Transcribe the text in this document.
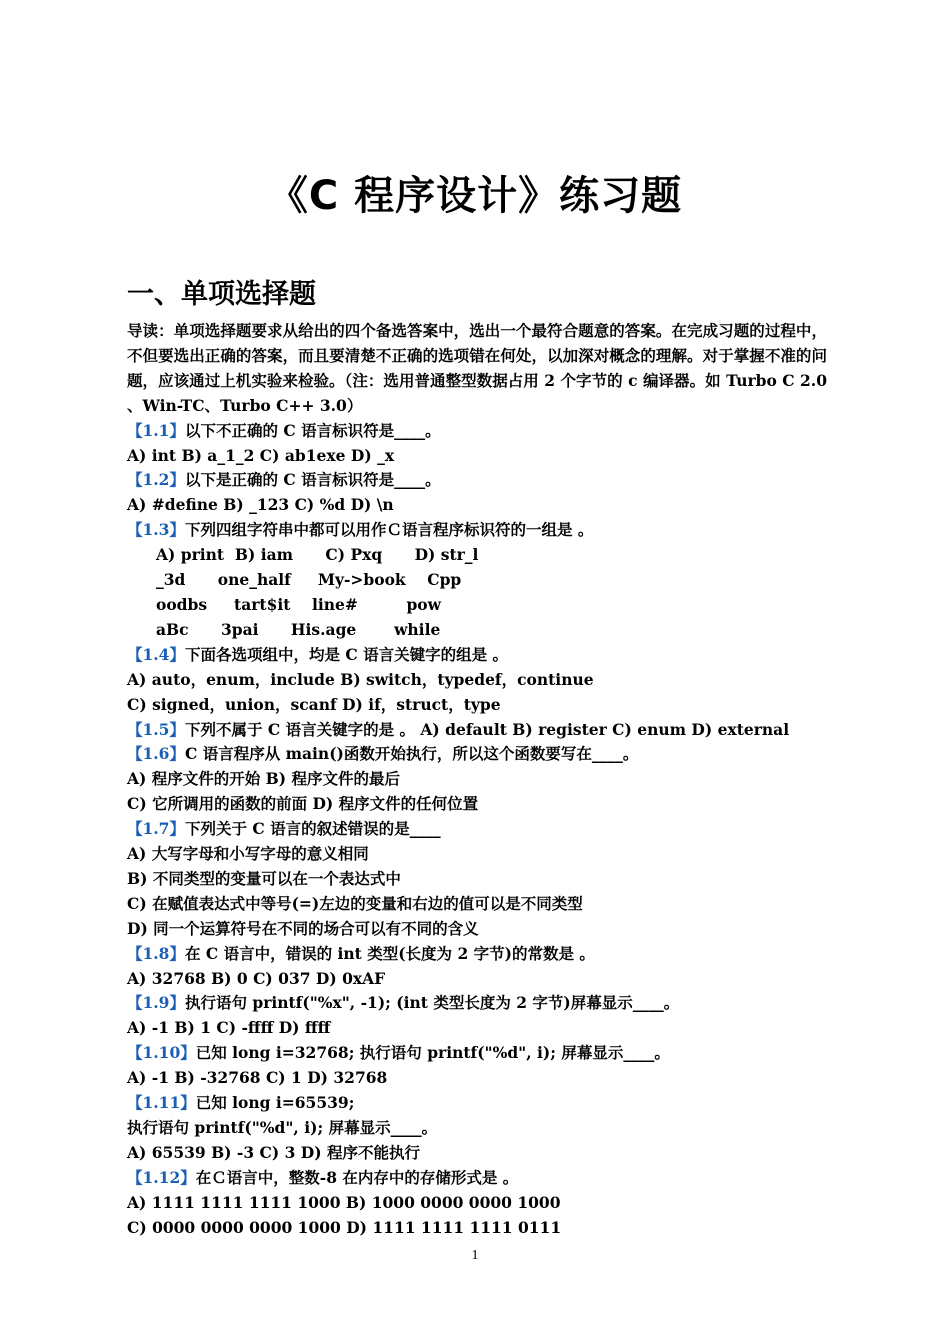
《C 程序设计》练习题
一、单项选择题

导读：单项选择题要求从给出的四个备选答案中，选出一个最符合题意的答案。在完成习题的过程中，不但要选出正确的答案，而且要清楚不正确的选项错在何处，以加深对概念的理解。对于掌握不准的问题，应该通过上机实验来检验。（注：选用普通整型数据占用 2 个字节的 c 编译器。如 Turbo C 2.0 、Win-TC、Turbo C++ 3.0）

【1.1】以下不正确的 C 语言标识符是____。

A) int B) a_1_2 C) ab1exe D) _x

【1.2】以下是正确的 C 语言标识符是____。

A) #define B) _123 C) %d D) \n

【1.3】下列四组字符串中都可以用作Ｃ语言程序标识符的一组是 。

A) print  B) iam      C) Pxq      D) str_l

_3d      one_half     My->book    Cpp

oodbs     tart$it    line#         pow

aBc      3pai      His.age       while

【1.4】下面各选项组中，均是 C 语言关键字的组是 。

A) auto，enum，include B) switch，typedef，continue

C) signed，union，scanf D) if，struct，type

【1.5】下列不属于 C 语言关键字的是 。 A) default B) register C) enum D) external

【1.6】C 语言程序从 main()函数开始执行，所以这个函数要写在____。

A) 程序文件的开始 B) 程序文件的最后

C) 它所调用的函数的前面 D) 程序文件的任何位置

【1.7】下列关于 C 语言的叙述错误的是____

A) 大写字母和小写字母的意义相同

B) 不同类型的变量可以在一个表达式中

C) 在赋值表达式中等号(=)左边的变量和右边的值可以是不同类型

D) 同一个运算符号在不同的场合可以有不同的含义

【1.8】在 C 语言中，错误的 int 类型(长度为 2 字节)的常数是 。

A) 32768 B) 0 C) 037 D) 0xAF

【1.9】执行语句 printf("%x", -1); (int 类型长度为 2 字节)屏幕显示____。

A) -1 B) 1 C) -ffff D) ffff

【1.10】已知 long i=32768; 执行语句 printf("%d", i); 屏幕显示____。

A) -1 B) -32768 C) 1 D) 32768

【1.11】已知 long i=65539;

执行语句 printf("%d", i); 屏幕显示____。

A) 65539 B) -3 C) 3 D) 程序不能执行

【1.12】在Ｃ语言中，整数-8 在内存中的存储形式是 。

A) 1111 1111 1111 1000 B) 1000 0000 0000 1000

C) 0000 0000 0000 1000 D) 1111 1111 1111 0111

1
